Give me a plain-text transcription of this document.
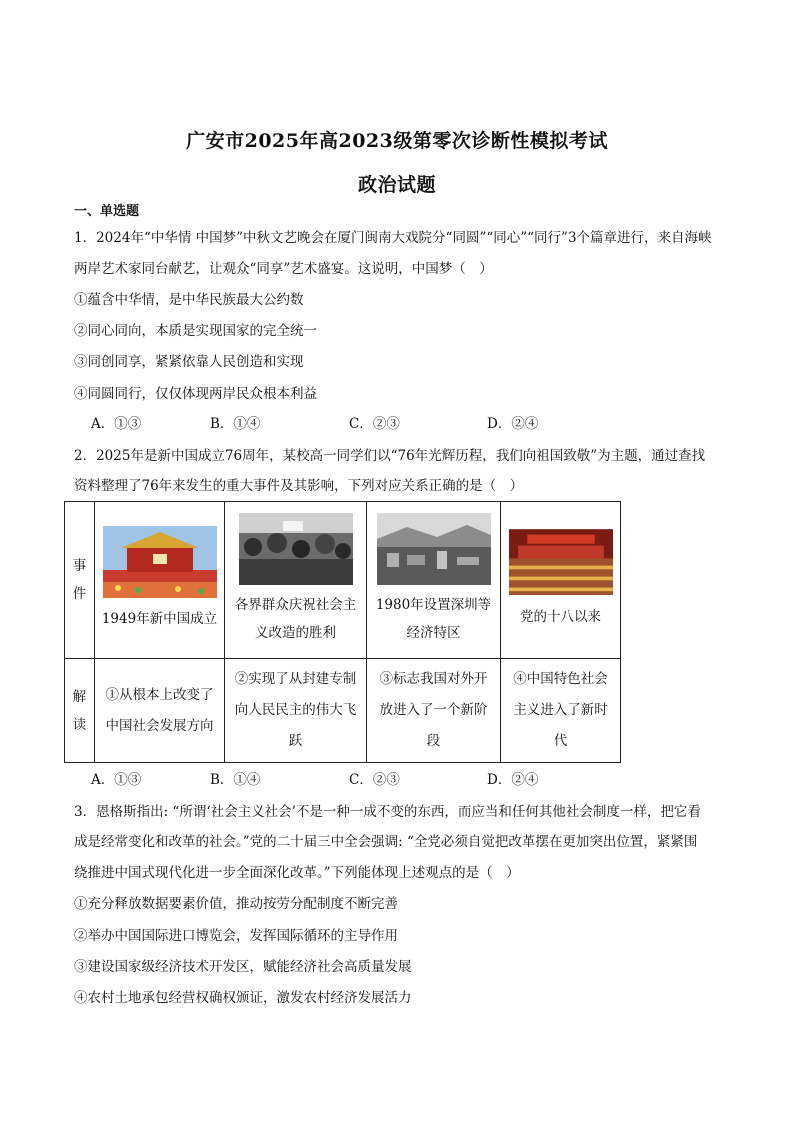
广安市2025年高2023级第零次诊断性模拟考试
政治试题
一、单选题
1．2024年“中华情 中国梦”中秋文艺晚会在厦门闽南大戏院分“同圆”“同心”“同行”3个篇章进行，来自海峡
两岸艺术家同台献艺，让观众“同享”艺术盛宴。这说明，中国梦（　）
①蕴含中华情，是中华民族最大公约数
②同心同向，本质是实现国家的完全统一
③同创同享，紧紧依靠人民创造和实现
④同圆同行，仅仅体现两岸民众根本利益
A．①③	B．①④	C．②③	D．②④
2．2025年是新中国成立76周年，某校高一同学们以“76年光辉历程，我们向祖国致敬”为主题，通过查找
资料整理了76年来发生的重大事件及其影响，下列对应关系正确的是（　）
事件	1949年新中国成立	各界群众庆祝社会主义改造的胜利	1980年设置深圳等经济特区	党的十八以来

解读	①从根本上改变了中国社会发展方向	②实现了从封建专制向人民民主的伟大飞跃	③标志我国对外开放进入了一个新阶段	④中国特色社会主义进入了新时代
A．①③	B．①④	C．②③	D．②④
3．恩格斯指出: “所谓‘社会主义社会’不是一种一成不变的东西，而应当和任何其他社会制度一样，把它看
成是经常变化和改革的社会。”党的二十届三中全会强调: “全党必须自觉把改革摆在更加突出位置，紧紧围
绕推进中国式现代化进一步全面深化改革。”下列能体现上述观点的是（　）
①充分释放数据要素价值，推动按劳分配制度不断完善
②举办中国国际进口博览会，发挥国际循环的主导作用
③建设国家级经济技术开发区，赋能经济社会高质量发展
④农村土地承包经营权确权颁证，激发农村经济发展活力
